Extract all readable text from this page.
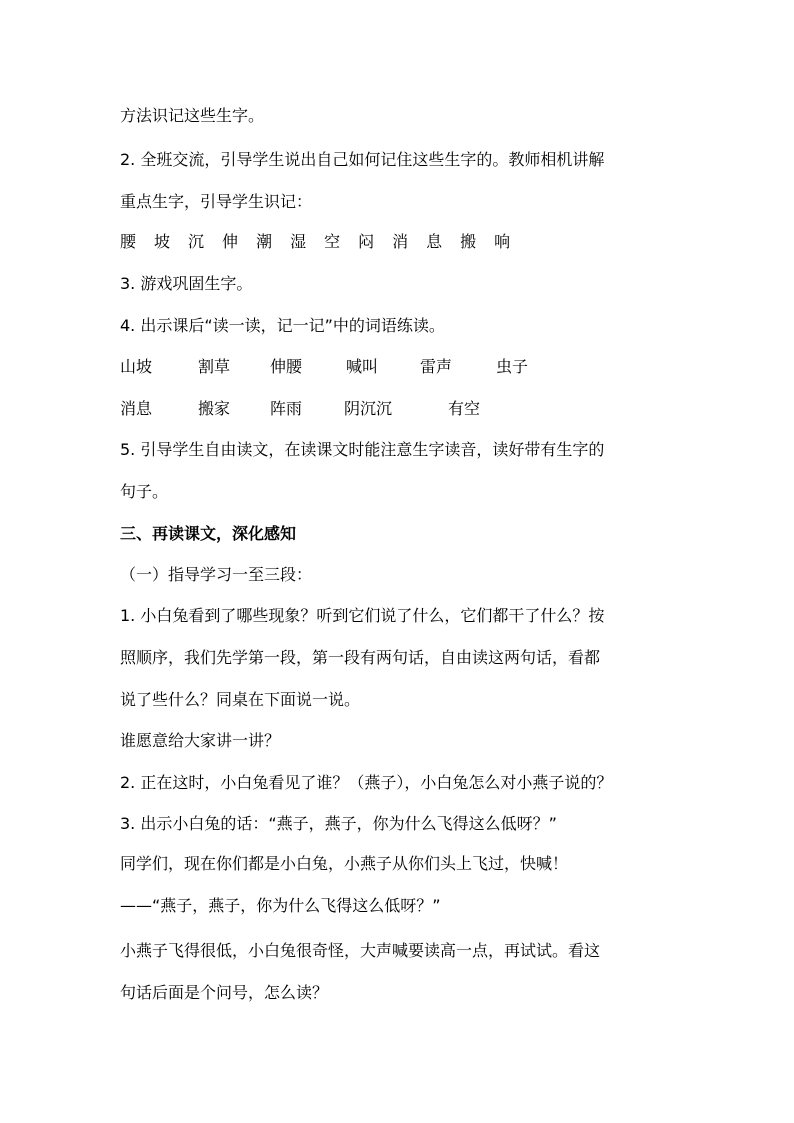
方法识记这些生字。
2. 全班交流，引导学生说出自己如何记住这些生字的。教师相机讲解
重点生字，引导学生识记：
腰 坡 沉 伸 潮 湿 空 闷 消 息 搬 响
3. 游戏巩固生字。
4. 出示课后“读一读，记一记”中的词语练读。
山坡	割草 伸腰	喊叫	雷声	虫子
消息	搬家 阵雨	阴沉沉	有空
5. 引导学生自由读文，在读课文时能注意生字读音，读好带有生字的
句子。
三、再读课文，深化感知
（一）指导学习一至三段：
1. 小白兔看到了哪些现象？听到它们说了什么，它们都干了什么？按
照顺序，我们先学第一段，第一段有两句话，自由读这两句话，看都
说了些什么？同桌在下面说一说。
谁愿意给大家讲一讲？
2. 正在这时，小白兔看见了谁？（燕子），小白兔怎么对小燕子说的？
3. 出示小白兔的话：“燕子，燕子，你为什么飞得这么低呀？”
同学们，现在你们都是小白兔，小燕子从你们头上飞过，快喊！
——“燕子，燕子，你为什么飞得这么低呀？”
小燕子飞得很低，小白兔很奇怪，大声喊要读高一点，再试试。看这
句话后面是个问号，怎么读？
